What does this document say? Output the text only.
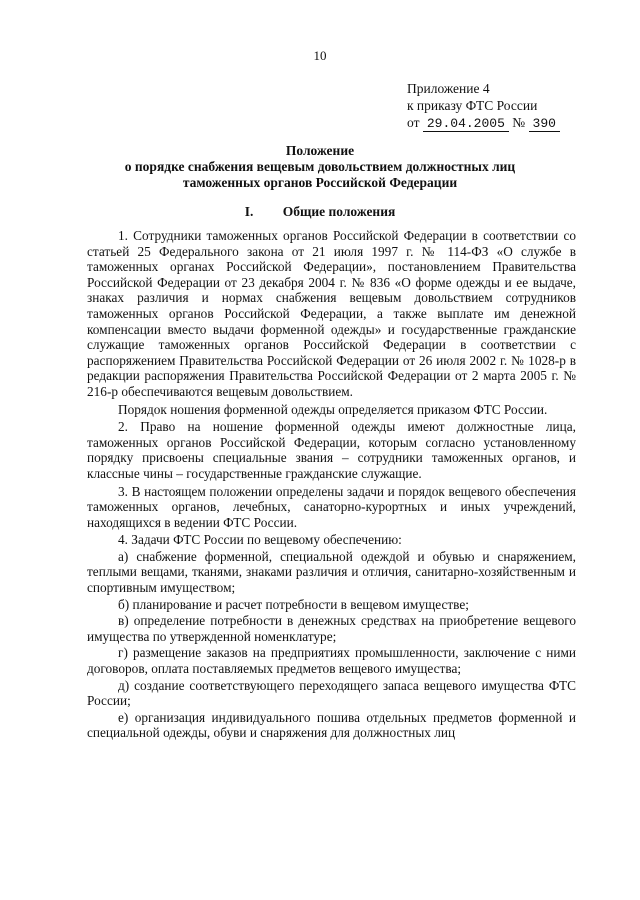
10
Приложение 4
к приказу ФТС России
от 29.04.2005 № 390
Положение
о порядке снабжения вещевым довольствием должностных лиц
таможенных органов Российской Федерации
I. Общие положения

1. Сотрудники таможенных органов Российской Федерации в соответствии со статьей 25 Федерального закона от 21 июля 1997 г. № 114-ФЗ «О службе в таможенных органах Российской Федерации», постановлением Правительства Российской Федерации от 23 декабря 2004 г. № 836 «О форме одежды и ее выдаче, знаках различия и нормах снабжения вещевым довольствием сотрудников таможенных органов Российской Федерации, а также выплате им денежной компенсации вместо выдачи форменной одежды» и государственные гражданские служащие таможенных органов Российской Федерации в соответствии с распоряжением Правительства Российской Федерации от 26 июля 2002 г. № 1028-р в редакции распоряжения Правительства Российской Федерации от 2 марта 2005 г. № 216-р обеспечиваются вещевым довольствием.

Порядок ношения форменной одежды определяется приказом ФТС России.

2. Право на ношение форменной одежды имеют должностные лица, таможенных органов Российской Федерации, которым согласно установленному порядку присвоены специальные звания – сотрудники таможенных органов, и классные чины – государственные гражданские служащие.

3. В настоящем положении определены задачи и порядок вещевого обеспечения таможенных органов, лечебных, санаторно-курортных и иных учреждений, находящихся в ведении ФТС России.

4. Задачи ФТС России по вещевому обеспечению:

а) снабжение форменной, специальной одеждой и обувью и снаряжением, теплыми вещами, тканями, знаками различия и отличия, санитарно-хозяйственным и спортивным имуществом;

б) планирование и расчет потребности в вещевом имуществе;

в) определение потребности в денежных средствах на приобретение вещевого имущества по утвержденной номенклатуре;

г) размещение заказов на предприятиях промышленности, заключение с ними договоров, оплата поставляемых предметов вещевого имущества;

д) создание соответствующего переходящего запаса вещевого имущества ФТС России;

е) организация индивидуального пошива отдельных предметов форменной и специальной одежды, обуви и снаряжения для должностных лиц
